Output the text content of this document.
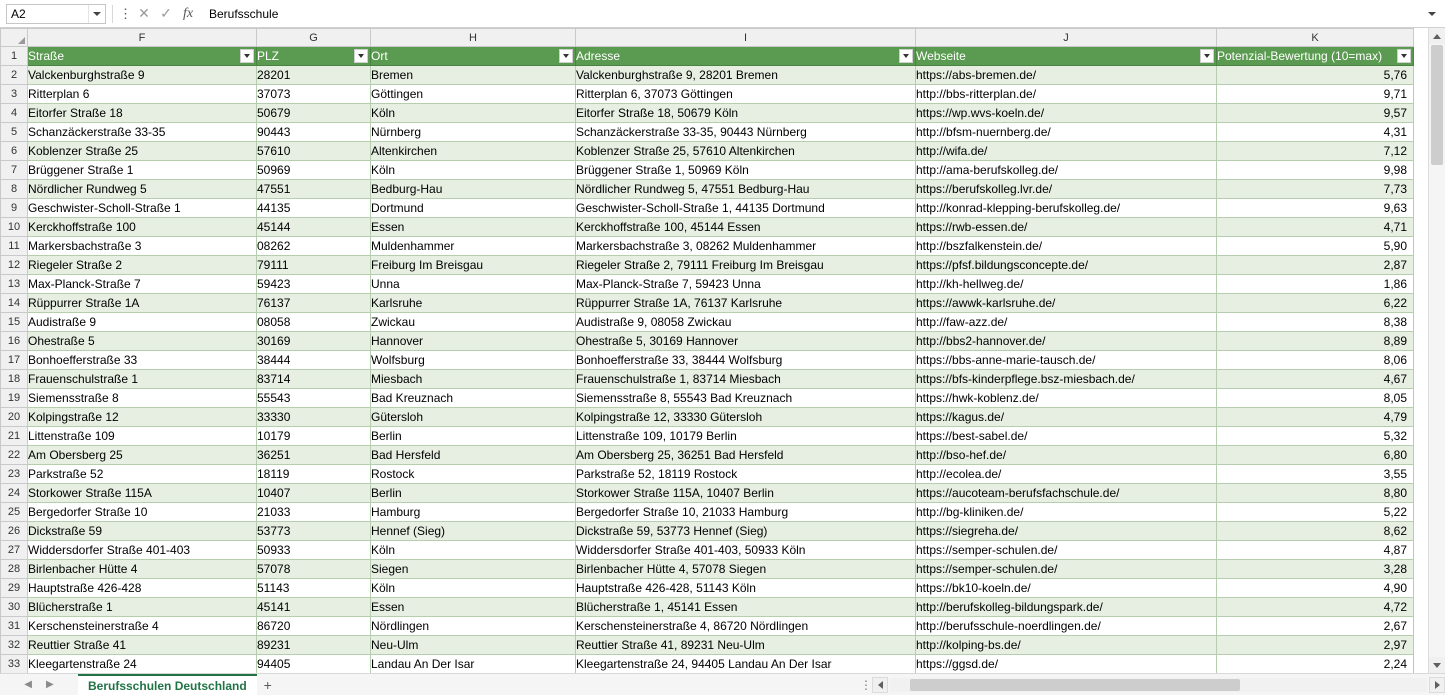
A2	⋮ ✕ ✓ fx	Berufsschule
	F	G	H	I	J	K
1	Straße	PLZ	Ort	Adresse	Webseite	Potenzial-Bewertung (10=max)

2	Valckenburghstraße 9	28201	Bremen	Valckenburghstraße 9, 28201 Bremen	https://abs-bremen.de/	5,76
3	Ritterplan 6	37073	Göttingen	Ritterplan 6, 37073 Göttingen	http://bbs-ritterplan.de/	9,71
4	Eitorfer Straße 18	50679	Köln	Eitorfer Straße 18, 50679 Köln	https://wp.wvs-koeln.de/	9,57
5	Schanzäckerstraße 33-35	90443	Nürnberg	Schanzäckerstraße 33-35, 90443 Nürnberg	http://bfsm-nuernberg.de/	4,31
6	Koblenzer Straße 25	57610	Altenkirchen	Koblenzer Straße 25, 57610 Altenkirchen	http://wifa.de/	7,12
7	Brüggener Straße 1	50969	Köln	Brüggener Straße 1, 50969 Köln	http://ama-berufskolleg.de/	9,98
8	Nördlicher Rundweg 5	47551	Bedburg-Hau	Nördlicher Rundweg 5, 47551 Bedburg-Hau	https://berufskolleg.lvr.de/	7,73
9	Geschwister-Scholl-Straße 1	44135	Dortmund	Geschwister-Scholl-Straße 1, 44135 Dortmund	http://konrad-klepping-berufskolleg.de/	9,63
10	Kerckhoffstraße 100	45144	Essen	Kerckhoffstraße 100, 45144 Essen	https://rwb-essen.de/	4,71
11	Markersbachstraße 3	08262	Muldenhammer	Markersbachstraße 3, 08262 Muldenhammer	http://bszfalkenstein.de/	5,90
12	Riegeler Straße 2	79111	Freiburg Im Breisgau	Riegeler Straße 2, 79111 Freiburg Im Breisgau	https://pfsf.bildungsconcepte.de/	2,87
13	Max-Planck-Straße 7	59423	Unna	Max-Planck-Straße 7, 59423 Unna	http://kh-hellweg.de/	1,86
14	Rüppurrer Straße 1A	76137	Karlsruhe	Rüppurrer Straße 1A, 76137 Karlsruhe	https://awwk-karlsruhe.de/	6,22
15	Audistraße 9	08058	Zwickau	Audistraße 9, 08058 Zwickau	http://faw-azz.de/	8,38
16	Ohestraße 5	30169	Hannover	Ohestraße 5, 30169 Hannover	http://bbs2-hannover.de/	8,89
17	Bonhoefferstraße 33	38444	Wolfsburg	Bonhoefferstraße 33, 38444 Wolfsburg	https://bbs-anne-marie-tausch.de/	8,06
18	Frauenschulstraße 1	83714	Miesbach	Frauenschulstraße 1, 83714 Miesbach	https://bfs-kinderpflege.bsz-miesbach.de/	4,67
19	Siemensstraße 8	55543	Bad Kreuznach	Siemensstraße 8, 55543 Bad Kreuznach	https://hwk-koblenz.de/	8,05
20	Kolpingstraße 12	33330	Gütersloh	Kolpingstraße 12, 33330 Gütersloh	https://kagus.de/	4,79
21	Littenstraße 109	10179	Berlin	Littenstraße 109, 10179 Berlin	https://best-sabel.de/	5,32
22	Am Obersberg 25	36251	Bad Hersfeld	Am Obersberg 25, 36251 Bad Hersfeld	http://bso-hef.de/	6,80
23	Parkstraße 52	18119	Rostock	Parkstraße 52, 18119 Rostock	http://ecolea.de/	3,55
24	Storkower Straße 115A	10407	Berlin	Storkower Straße 115A, 10407 Berlin	https://aucoteam-berufsfachschule.de/	8,80
25	Bergedorfer Straße 10	21033	Hamburg	Bergedorfer Straße 10, 21033 Hamburg	http://bg-kliniken.de/	5,22
26	Dickstraße 59	53773	Hennef (Sieg)	Dickstraße 59, 53773 Hennef (Sieg)	https://siegreha.de/	8,62
27	Widdersdorfer Straße 401-403	50933	Köln	Widdersdorfer Straße 401-403, 50933 Köln	https://semper-schulen.de/	4,87
28	Birlenbacher Hütte 4	57078	Siegen	Birlenbacher Hütte 4, 57078 Siegen	https://semper-schulen.de/	3,28
29	Hauptstraße 426-428	51143	Köln	Hauptstraße 426-428, 51143 Köln	https://bk10-koeln.de/	4,90
30	Blücherstraße 1	45141	Essen	Blücherstraße 1, 45141 Essen	http://berufskolleg-bildungspark.de/	4,72
31	Kerschensteinerstraße 4	86720	Nördlingen	Kerschensteinerstraße 4, 86720 Nördlingen	http://berufsschule-noerdlingen.de/	2,67
32	Reuttier Straße 41	89231	Neu-Ulm	Reuttier Straße 41, 89231 Neu-Ulm	http://kolping-bs.de/	2,97
33	Kleegartenstraße 24	94405	Landau An Der Isar	Kleegartenstraße 24, 94405 Landau An Der Isar	https://ggsd.de/	2,24

◀ ▶	Berufsschulen Deutschland	+	⋮
